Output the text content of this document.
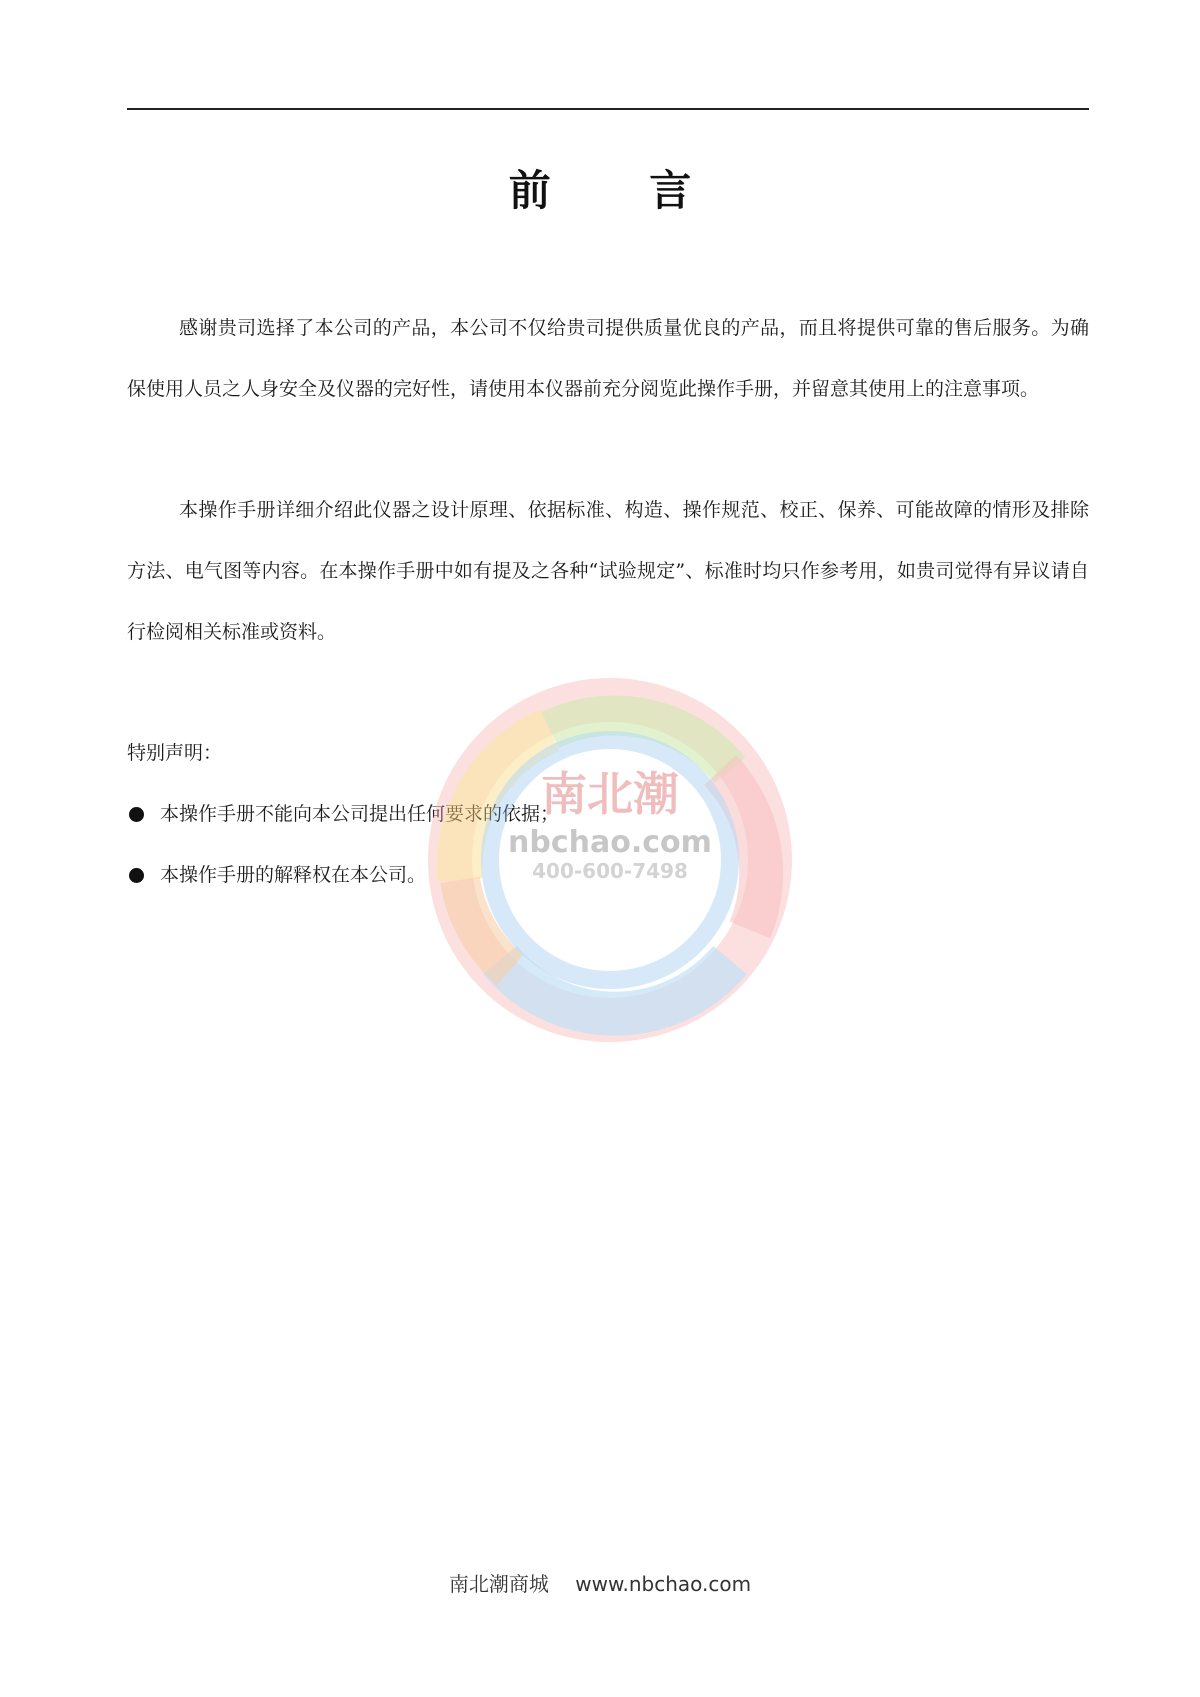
前 言

感谢贵司选择了本公司的产品，本公司不仅给贵司提供质量优良的产品，而且将提供可靠的售后服务。为确保使用人员之人身安全及仪器的完好性，请使用本仪器前充分阅览此操作手册，并留意其使用上的注意事项。

本操作手册详细介绍此仪器之设计原理、依据标准、构造、操作规范、校正、保养、可能故障的情形及排除方法、电气图等内容。在本操作手册中如有提及之各种“试验规定”、标准时均只作参考用，如贵司觉得有异议请自行检阅相关标准或资料。

特别声明：
本操作手册不能向本公司提出任何要求的依据；
本操作手册的解释权在本公司。
南北潮
nbchao.com
400-600-7498
南北潮商城 www.nbchao.com
